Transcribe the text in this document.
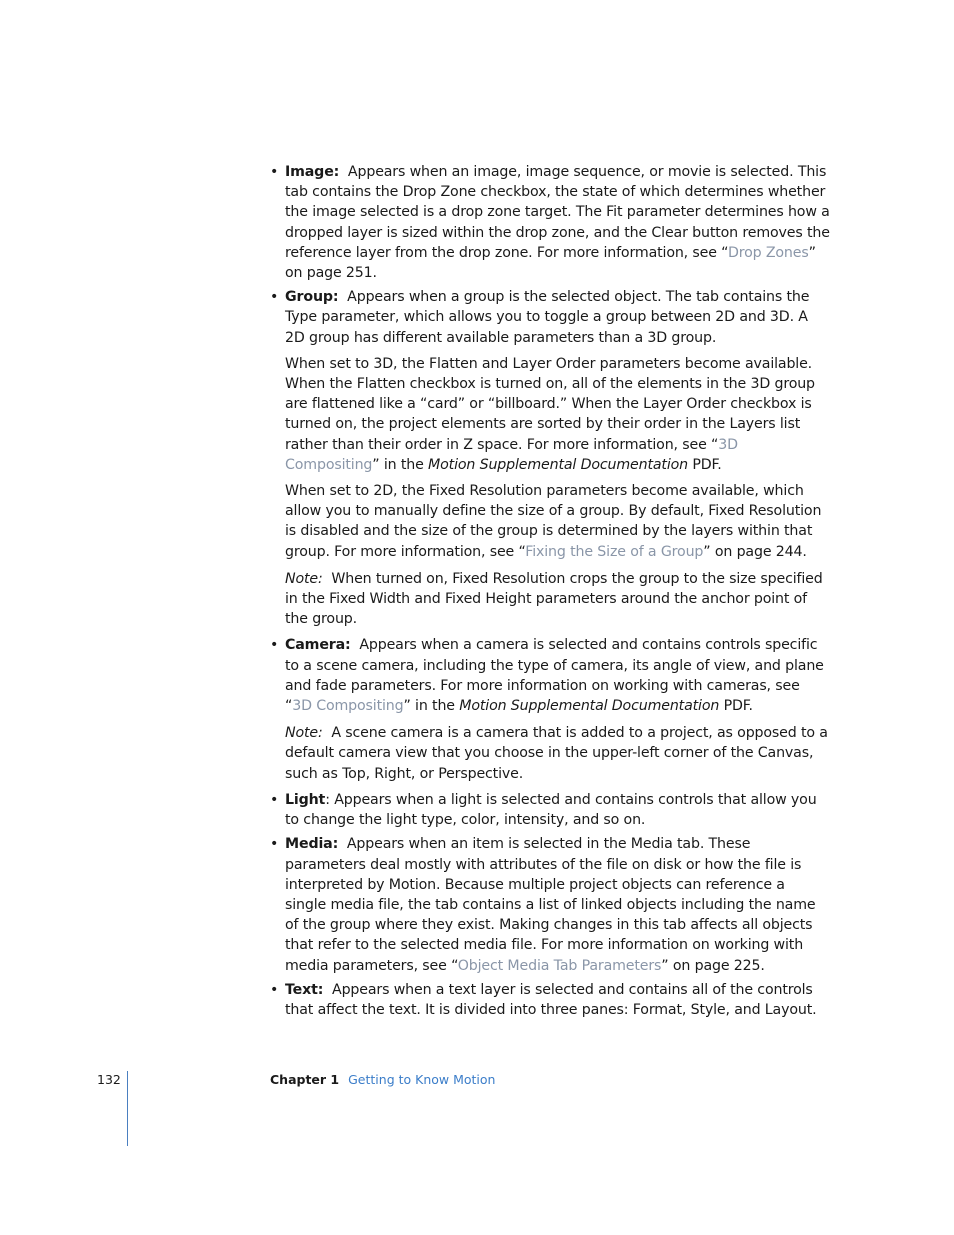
• Image: Appears when an image, image sequence, or movie is selected. This tab contains the Drop Zone checkbox, the state of which determines whether the image selected is a drop zone target. The Fit parameter determines how a dropped layer is sized within the drop zone, and the Clear button removes the reference layer from the drop zone. For more information, see “Drop Zones” on page 251.

• Group: Appears when a group is the selected object. The tab contains the Type parameter, which allows you to toggle a group between 2D and 3D. A 2D group has different available parameters than a 3D group.

When set to 3D, the Flatten and Layer Order parameters become available. When the Flatten checkbox is turned on, all of the elements in the 3D group are flattened like a “card” or “billboard.” When the Layer Order checkbox is turned on, the project elements are sorted by their order in the Layers list rather than their order in Z space. For more information, see “3D Compositing” in the Motion Supplemental Documentation PDF.

When set to 2D, the Fixed Resolution parameters become available, which allow you to manually define the size of a group. By default, Fixed Resolution is disabled and the size of the group is determined by the layers within that group. For more information, see “Fixing the Size of a Group” on page 244.

Note: When turned on, Fixed Resolution crops the group to the size specified in the Fixed Width and Fixed Height parameters around the anchor point of the group.

• Camera: Appears when a camera is selected and contains controls specific to a scene camera, including the type of camera, its angle of view, and plane and fade parameters. For more information on working with cameras, see “3D Compositing” in the Motion Supplemental Documentation PDF.

Note: A scene camera is a camera that is added to a project, as opposed to a default camera view that you choose in the upper-left corner of the Canvas, such as Top, Right, or Perspective.

• Light: Appears when a light is selected and contains controls that allow you to change the light type, color, intensity, and so on.

• Media: Appears when an item is selected in the Media tab. These parameters deal mostly with attributes of the file on disk or how the file is interpreted by Motion. Because multiple project objects can reference a single media file, the tab contains a list of linked objects including the name of the group where they exist. Making changes in this tab affects all objects that refer to the selected media file. For more information on working with media parameters, see “Object Media Tab Parameters” on page 225.

• Text: Appears when a text layer is selected and contains all of the controls that affect the text. It is divided into three panes: Format, Style, and Layout.

132	Chapter 1 Getting to Know Motion
